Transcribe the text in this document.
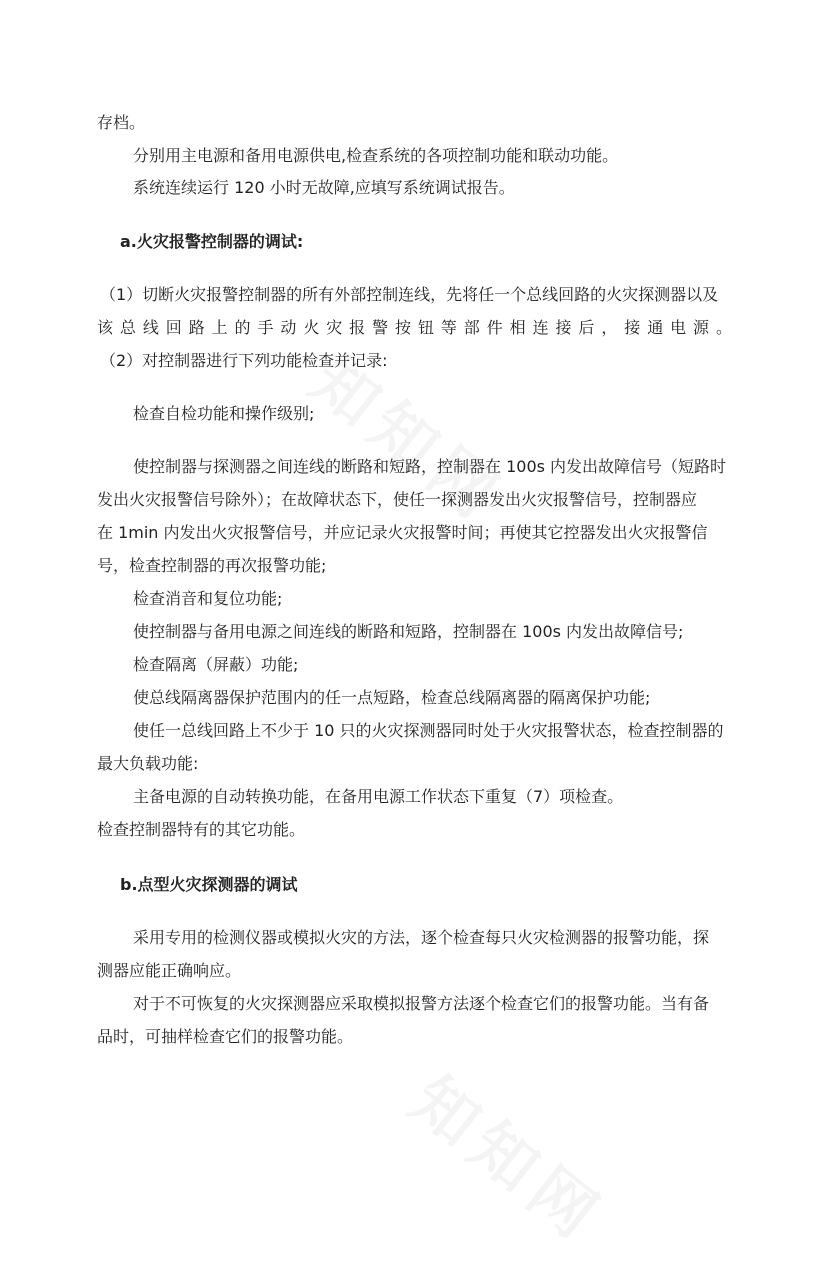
存档。
分别用主电源和备用电源供电,检查系统的各项控制功能和联动功能。
系统连续运行 120 小时无故障,应填写系统调试报告。
a.火灾报警控制器的调试:
（1）切断火灾报警控制器的所有外部控制连线，先将任一个总线回路的火灾探测器以及
该总线回路上的手动火灾报警按钮等部件相连接后，接通电源。
（2）对控制器进行下列功能检查并记录:
检查自检功能和操作级别;
使控制器与探测器之间连线的断路和短路，控制器在 100s 内发出故障信号（短路时
发出火灾报警信号除外）；在故障状态下，使任一探测器发出火灾报警信号，控制器应
在 1min 内发出火灾报警信号，并应记录火灾报警时间；再使其它控器发出火灾报警信
号，检查控制器的再次报警功能;
检查消音和复位功能;
使控制器与备用电源之间连线的断路和短路，控制器在 100s 内发出故障信号;
检查隔离（屏蔽）功能;
使总线隔离器保护范围内的任一点短路，检查总线隔离器的隔离保护功能;
使任一总线回路上不少于 10 只的火灾探测器同时处于火灾报警状态，检查控制器的
最大负载功能:
主备电源的自动转换功能，在备用电源工作状态下重复（7）项检查。
检查控制器特有的其它功能。
b.点型火灾探测器的调试
采用专用的检测仪器或模拟火灾的方法，逐个检查每只火灾检测器的报警功能，探
测器应能正确响应。
对于不可恢复的火灾探测器应采取模拟报警方法逐个检查它们的报警功能。当有备
品时，可抽样检查它们的报警功能。
